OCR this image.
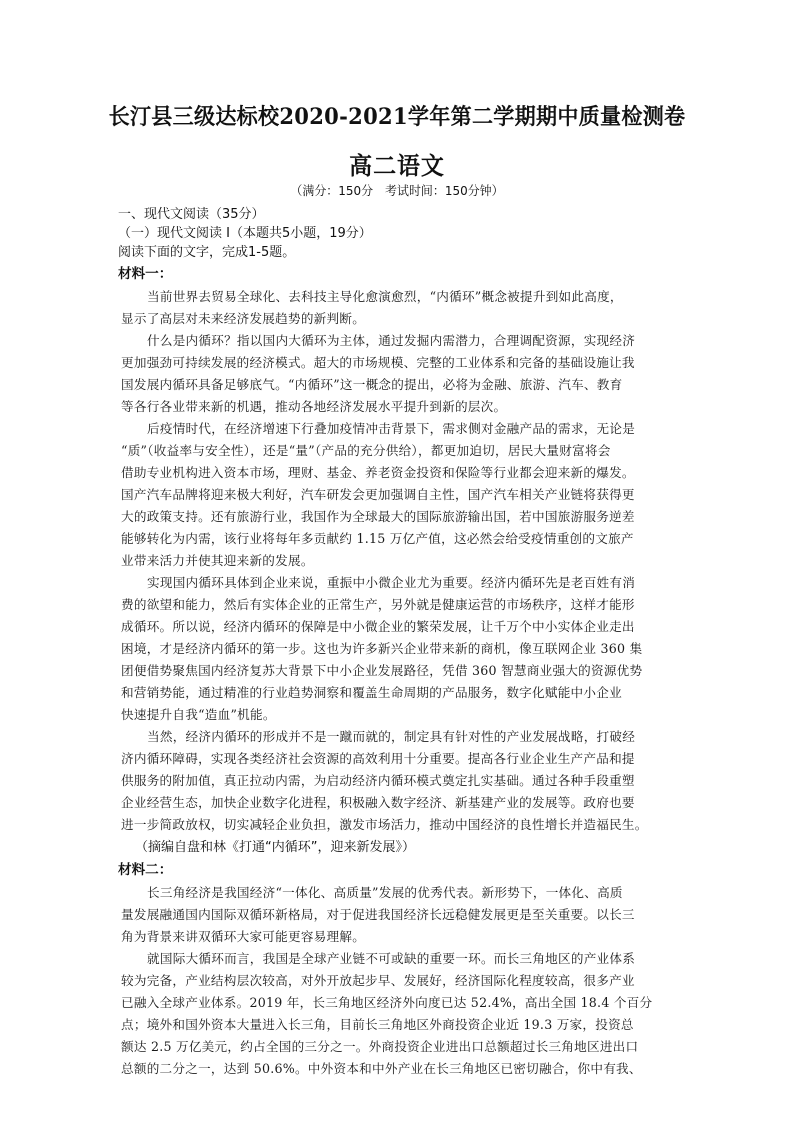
长汀县三级达标校2020-2021学年第二学期期中质量检测卷
高二语文
（满分：150分　考试时间：150分钟）
一、现代文阅读（35分）
（一）现代文阅读 I（本题共5小题，19分）
阅读下面的文字，完成1-5题。
材料一：
当前世界去贸易全球化、去科技主导化愈演愈烈，“内循环”概念被提升到如此高度，
显示了高层对未来经济发展趋势的新判断。
什么是内循环？指以国内大循环为主体，通过发掘内需潜力，合理调配资源，实现经济
更加强劲可持续发展的经济模式。超大的市场规模、完整的工业体系和完备的基础设施让我
国发展内循环具备足够底气。“内循环”这一概念的提出，必将为金融、旅游、汽车、教育
等各行各业带来新的机遇，推动各地经济发展水平提升到新的层次。
后疫情时代，在经济增速下行叠加疫情冲击背景下，需求侧对金融产品的需求，无论是
“质”（收益率与安全性），还是“量”（产品的充分供给），都更加迫切，居民大量财富将会
借助专业机构进入资本市场，理财、基金、养老资金投资和保险等行业都会迎来新的爆发。
国产汽车品牌将迎来极大利好，汽车研发会更加强调自主性，国产汽车相关产业链将获得更
大的政策支持。还有旅游行业，我国作为全球最大的国际旅游输出国，若中国旅游服务逆差
能够转化为内需，该行业将每年多贡献约 1.15 万亿产值，这必然会给受疫情重创的文旅产
业带来活力并使其迎来新的发展。
实现国内循环具体到企业来说，重振中小微企业尤为重要。经济内循环先是老百姓有消
费的欲望和能力，然后有实体企业的正常生产，另外就是健康运营的市场秩序，这样才能形
成循环。所以说，经济内循环的保障是中小微企业的繁荣发展，让千万个中小实体企业走出
困境，才是经济内循环的第一步。这也为许多新兴企业带来新的商机，像互联网企业 360 集
团便借势聚焦国内经济复苏大背景下中小企业发展路径，凭借 360 智慧商业强大的资源优势
和营销势能，通过精准的行业趋势洞察和覆盖生命周期的产品服务，数字化赋能中小企业
快速提升自我“造血”机能。
当然，经济内循环的形成并不是一蹴而就的，制定具有针对性的产业发展战略，打破经
济内循环障碍，实现各类经济社会资源的高效利用十分重要。提高各行业企业生产产品和提
供服务的附加值，真正拉动内需，为启动经济内循环模式奠定扎实基础。通过各种手段重塑
企业经营生态，加快企业数字化进程，积极融入数字经济、新基建产业的发展等。政府也要
进一步简政放权，切实减轻企业负担，激发市场活力，推动中国经济的良性增长并造福民生。
（摘编自盘和林《打通“内循环”，迎来新发展》）
材料二：
长三角经济是我国经济“一体化、高质量”发展的优秀代表。新形势下，一体化、高质
量发展融通国内国际双循环新格局，对于促进我国经济长远稳健发展更是至关重要。以长三
角为背景来讲双循环大家可能更容易理解。
就国际大循环而言，我国是全球产业链不可或缺的重要一环。而长三角地区的产业体系
较为完备，产业结构层次较高，对外开放起步早、发展好，经济国际化程度较高，很多产业
已融入全球产业体系。2019 年，长三角地区经济外向度已达 52.4%，高出全国 18.4 个百分
点；境外和国外资本大量进入长三角，目前长三角地区外商投资企业近 19.3 万家，投资总
额达 2.5 万亿美元，约占全国的三分之一。外商投资企业进出口总额超过长三角地区进出口
总额的二分之一，达到 50.6%。中外资本和中外产业在长三角地区已密切融合，你中有我、
